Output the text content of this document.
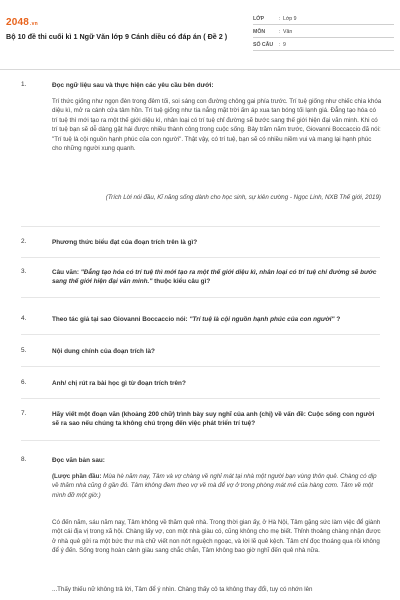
2048.vn
Bộ 10 đề thi cuối kì 1 Ngữ Văn lớp 9 Cánh diều có đáp án ( Đề 2 )
LỚP	: Lớp 9
MÔN	: Văn
SỐ CÂU : 9
1.	Đọc ngữ liệu sau và thực hiện các yêu cầu bên dưới:
Trí thức giống như ngọn đèn trong đêm tối, soi sáng con đường chông gai phía trước. Trí tuệ giống như chiếc chìa khóa diệu kì, mở ra cánh cửa tâm hồn. Trí tuệ giống như tia nắng mặt trời ấm áp xua tan bóng tối lạnh giá. Đẳng tạo hóa có trí tuệ thì mới tạo ra một thế giới diệu kì, nhân loại có trí tuệ chỉ đường sẽ bước sang thế giới hiện đại văn minh. Khi có trí tuệ bạn sẽ dễ dàng gặt hái được nhiều thành công trong cuộc sống. Bảy trăm năm trước, Giovanni Boccaccio đã nói: "Trí tuệ là cội nguồn hạnh phúc của con người". Thật vậy, có trí tuệ, bạn sẽ có nhiều niềm vui và mang lại hạnh phúc cho những người xung quanh.
(Trích Lời nói đầu, Kĩ năng sống dành cho học sinh, sự kiên cường - Ngọc Linh, NXB Thế giới, 2019)
2.	Phương thức biểu đạt của đoạn trích trên là gì?
3.	Câu văn: "Đẳng tạo hóa có trí tuệ thì mới tạo ra một thế giới diệu kì, nhân loại có trí tuệ chỉ đường sẽ bước sang thế giới hiện đại văn minh." thuộc kiểu câu gì?
4.	Theo tác giả tại sao Giovanni Boccaccio nói: "Trí tuệ là cội nguồn hạnh phúc của con người" ?
5.	Nội dung chính của đoạn trích là?
6.	Anh/ chị rút ra bài học gì từ đoạn trích trên?
7.	Hãy viết một đoạn văn (khoảng 200 chữ) trình bày suy nghĩ của anh (chị) về vấn đề: Cuộc sống con người sẽ ra sao nếu chúng ta không chú trọng đến việc phát triển trí tuệ?
8.	Đọc văn bản sau:
(Lược phần đầu: Mùa hè năm nay, Tâm và vợ chàng về nghỉ mát tại nhà một người bạn vùng thôn quê. Chàng có dịp về thăm nhà cũng ở gần đó. Tâm không đem theo vợ về mà để vợ ở trong phòng mát mẻ của hàng cơm. Tâm về một mình đỡ một giờ.)
Có đến năm, sáu năm nay, Tâm không về thăm quê nhà. Trong thời gian ấy, ở Hà Nội, Tâm gặng sức làm việc để giành một cái địa vị trong xã hội. Chàng lấy vợ, con một nhà giàu có, cũng không cho mẹ biết. Thỉnh thoảng chàng nhận được ở nhà quê gửi ra một bức thư mà chữ viết non nớt nguệch ngoạc, và lời lẽ quê kệch. Tâm chỉ đọc thoáng qua rồi không để ý đến. Sống trong hoàn cảnh giàu sang chắc chắn, Tâm không bao giờ nghĩ đến quê nhà nữa.
...Thấy thiếu nữ không trả lời, Tâm để ý nhìn. Chàng thấy cô ta không thay đổi, tuy có nhớn lên
